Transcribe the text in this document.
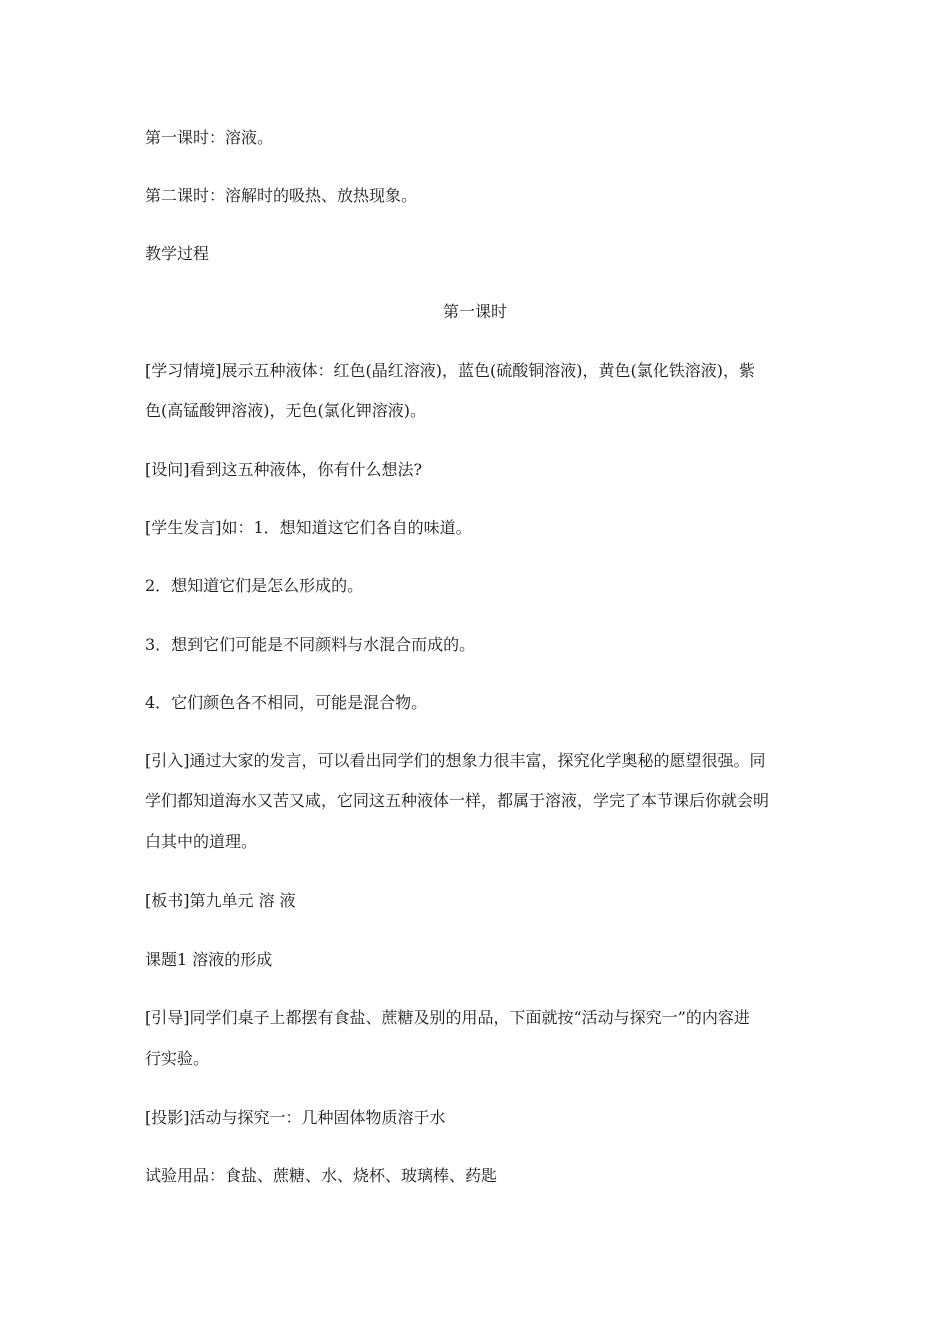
第一课时：溶液。
第二课时：溶解时的吸热、放热现象。
教学过程
第一课时
[学习情境]展示五种液体：红色(晶红溶液)，蓝色(硫酸铜溶液)，黄色(氯化铁溶液)，紫
色(高锰酸钾溶液)，无色(氯化钾溶液)。
[设问]看到这五种液体，你有什么想法?
[学生发言]如：1．想知道这它们各自的味道。
2．想知道它们是怎么形成的。
3．想到它们可能是不同颜料与水混合而成的。
4．它们颜色各不相同，可能是混合物。
[引入]通过大家的发言，可以看出同学们的想象力很丰富，探究化学奥秘的愿望很强。同
学们都知道海水又苦又咸，它同这五种液体一样，都属于溶液，学完了本节课后你就会明
白其中的道理。
[板书]第九单元 溶 液
课题1 溶液的形成
[引导]同学们桌子上都摆有食盐、蔗糖及别的用品，下面就按“活动与探究一”的内容进
行实验。
[投影]活动与探究一：几种固体物质溶于水
试验用品：食盐、蔗糖、水、烧杯、玻璃棒、药匙
